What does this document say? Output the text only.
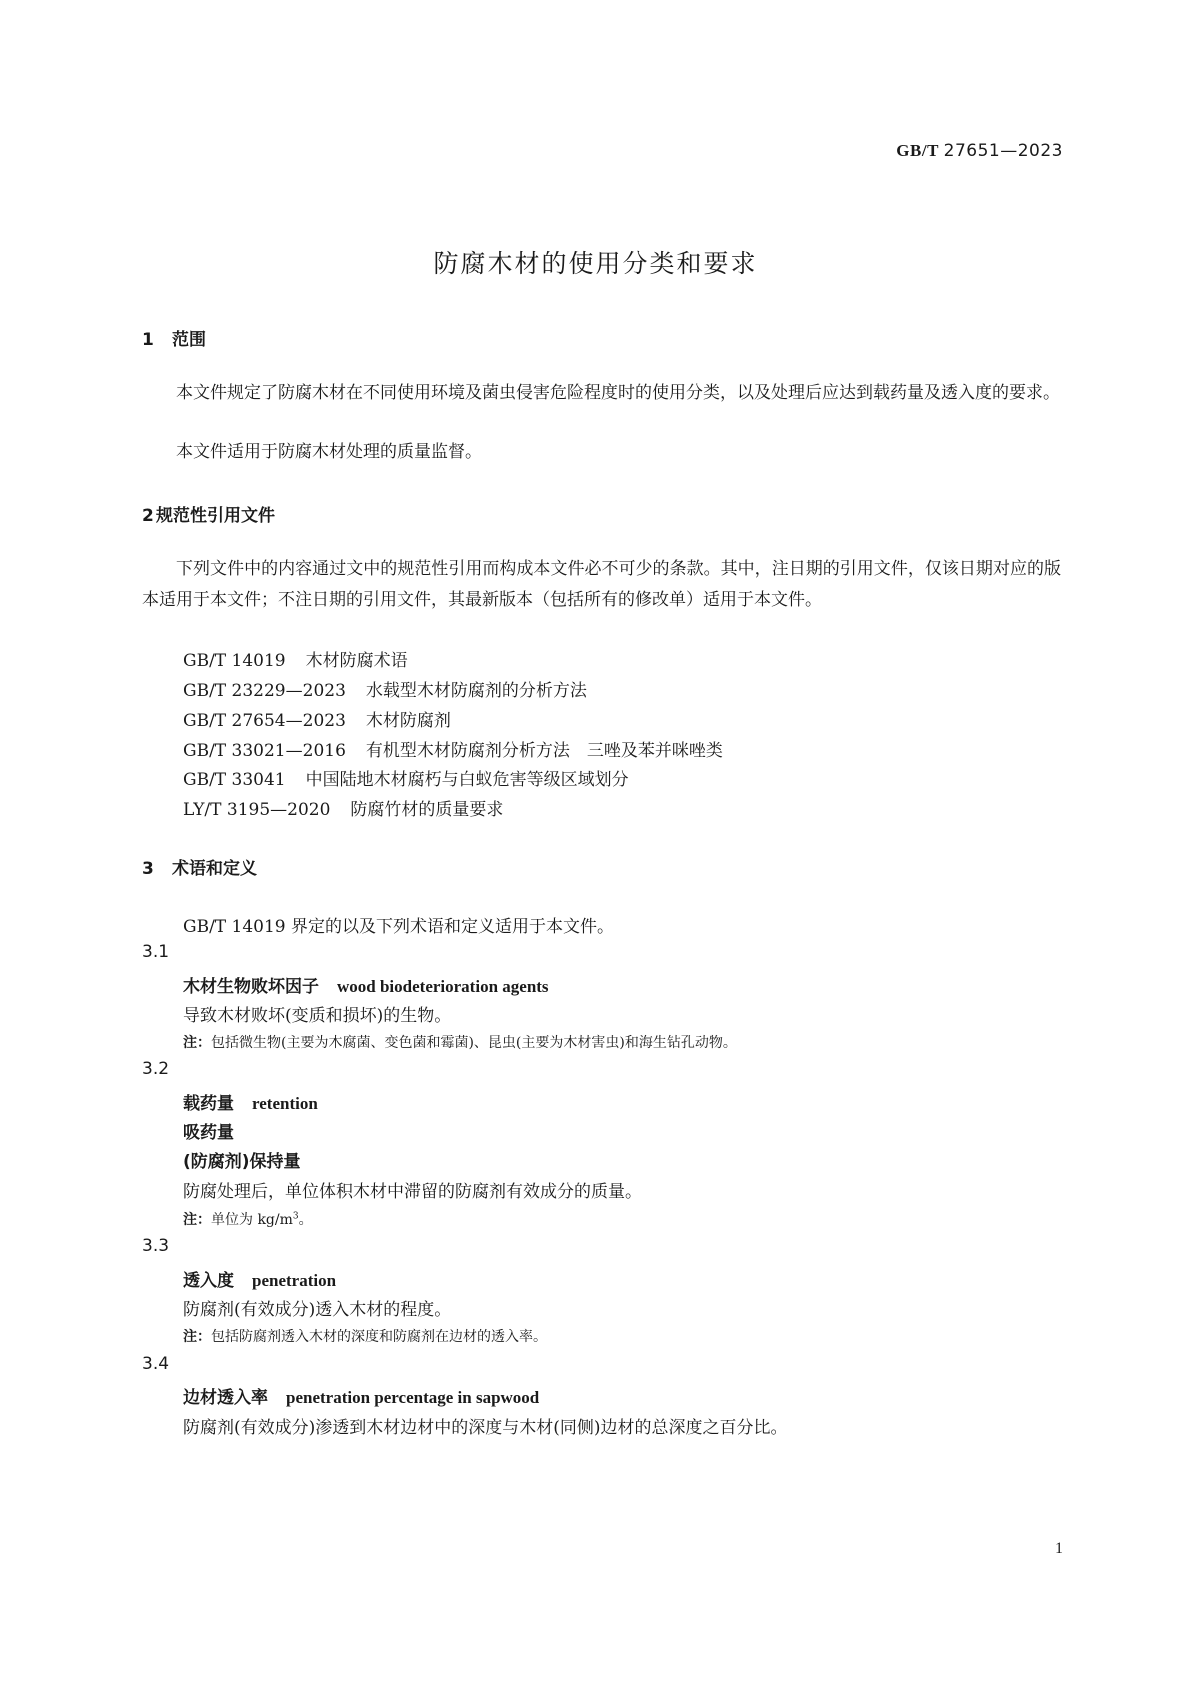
GB/T 27651—2023
防腐木材的使用分类和要求
1 范围
本文件规定了防腐木材在不同使用环境及菌虫侵害危险程度时的使用分类，以及处理后应达到载药量及透入度的要求。
本文件适用于防腐木材处理的质量监督。
2 规范性引用文件
下列文件中的内容通过文中的规范性引用而构成本文件必不可少的条款。其中，注日期的引用文件，仅该日期对应的版本适用于本文件；不注日期的引用文件，其最新版本（包括所有的修改单）适用于本文件。
GB/T 14019 木材防腐术语
GB/T 23229—2023 水载型木材防腐剂的分析方法
GB/T 27654—2023 木材防腐剂
GB/T 33021—2016 有机型木材防腐剂分析方法　三唑及苯并咪唑类
GB/T 33041 中国陆地木材腐朽与白蚁危害等级区域划分
LY/T 3195—2020 防腐竹材的质量要求
3 术语和定义
GB/T 14019 界定的以及下列术语和定义适用于本文件。
3.1
木材生物败坏因子 wood biodeterioration agents
导致木材败坏(变质和损坏)的生物。
注：包括微生物(主要为木腐菌、变色菌和霉菌)、昆虫(主要为木材害虫)和海生钻孔动物。
3.2
载药量 retention
吸药量
(防腐剂)保持量
防腐处理后，单位体积木材中滞留的防腐剂有效成分的质量。
注：单位为 $kg/m^3$。
3.3
透入度 penetration
防腐剂(有效成分)透入木材的程度。
注：包括防腐剂透入木材的深度和防腐剂在边材的透入率。
3.4
边材透入率 penetration percentage in sapwood
防腐剂(有效成分)渗透到木材边材中的深度与木材(同侧)边材的总深度之百分比。
1
